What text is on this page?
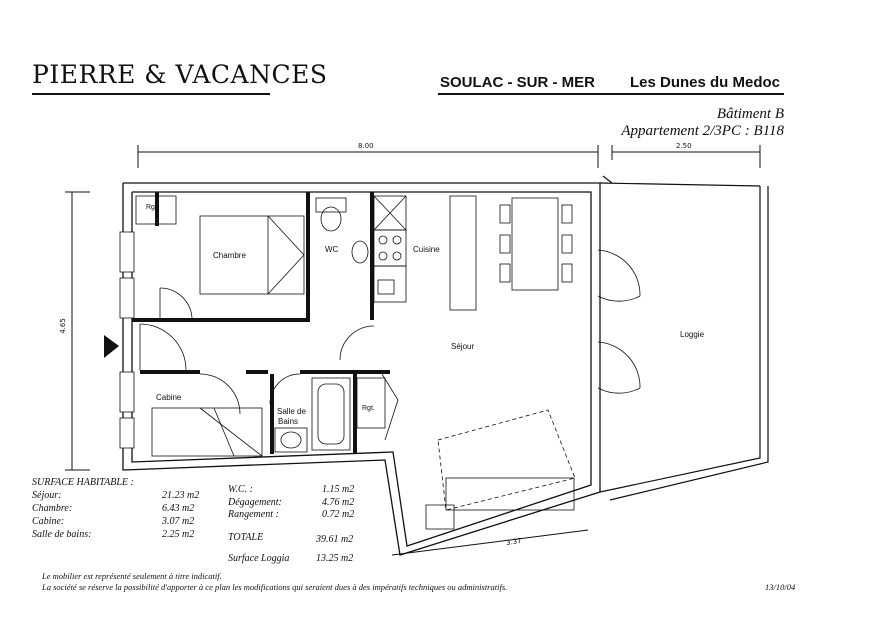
PIERRE & VACANCES	SOULAC - SUR - MER Les Dunes du Medoc
Bâtiment B
Appartement 2/3PC : B118
8.00	2.50
4.65
3.37
Rgt.
Chambre
WC	Cuisine
Séjour
Loggie
Cabine
Salle de
Bains
Rgt.
SURFACE HABITABLE :
Séjour:	21.23 m2
Chambre:	6.43 m2
Cabine:	3.07 m2
Salle de bains:	2.25 m2
W.C. :	1.15 m2
Dégagement:	4.76 m2
Rangement :	0.72 m2
TOTALE	39.61 m2
Surface Loggia	13.25 m2
Le mobilier est représenté seulement à titre indicatif.
La société se réserve la possibilité d'apporter à ce plan les modifications qui seraient dues à des impératifs techniques ou administratifs.	13/10/04
